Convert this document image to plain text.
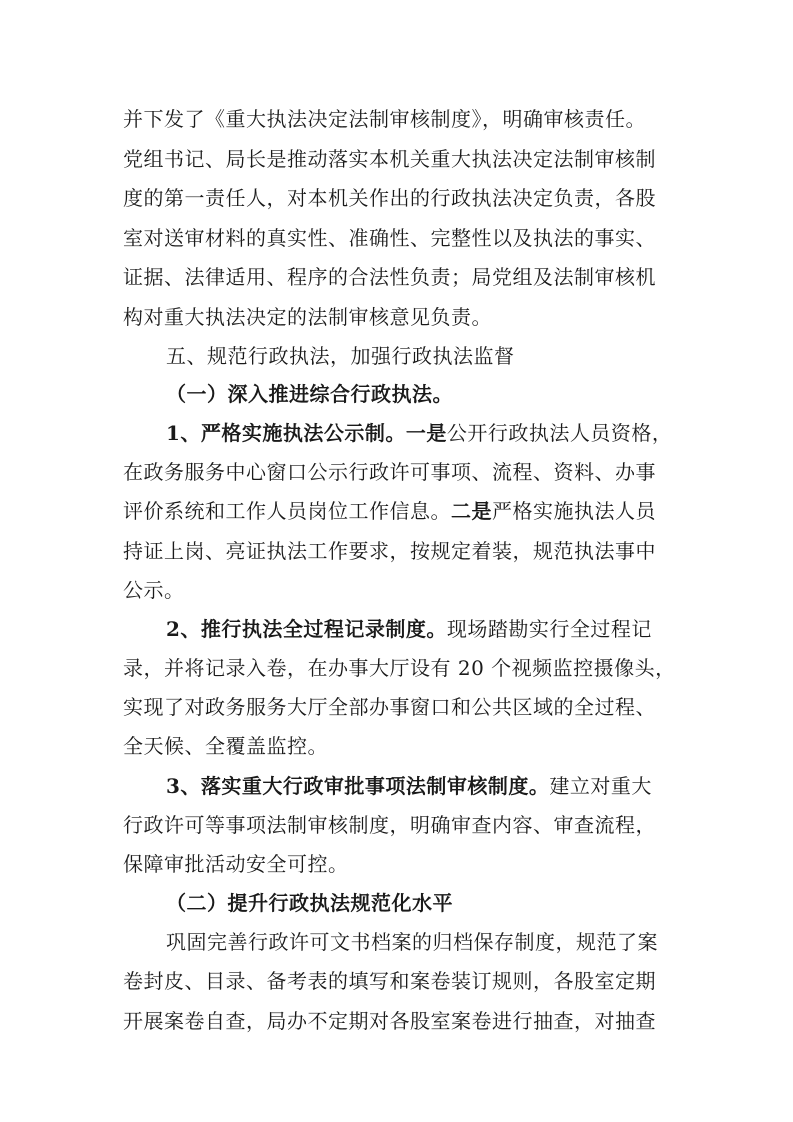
并下发了《重大执法决定法制审核制度》，明确审核责任。
党组书记、局长是推动落实本机关重大执法决定法制审核制
度的第一责任人，对本机关作出的行政执法决定负责，各股
室对送审材料的真实性、准确性、完整性以及执法的事实、
证据、法律适用、程序的合法性负责；局党组及法制审核机
构对重大执法决定的法制审核意见负责。
五、规范行政执法，加强行政执法监督
（一）深入推进综合行政执法。
1、严格实施执法公示制。一是公开行政执法人员资格，
在政务服务中心窗口公示行政许可事项、流程、资料、办事
评价系统和工作人员岗位工作信息。二是严格实施执法人员
持证上岗、亮证执法工作要求，按规定着装，规范执法事中
公示。
2、推行执法全过程记录制度。现场踏勘实行全过程记
录，并将记录入卷，在办事大厅设有 20 个视频监控摄像头，
实现了对政务服务大厅全部办事窗口和公共区域的全过程、
全天候、全覆盖监控。
3、落实重大行政审批事项法制审核制度。建立对重大
行政许可等事项法制审核制度，明确审查内容、审查流程，
保障审批活动安全可控。
（二）提升行政执法规范化水平
巩固完善行政许可文书档案的归档保存制度，规范了案
卷封皮、目录、备考表的填写和案卷装订规则，各股室定期
开展案卷自查，局办不定期对各股室案卷进行抽查，对抽查
